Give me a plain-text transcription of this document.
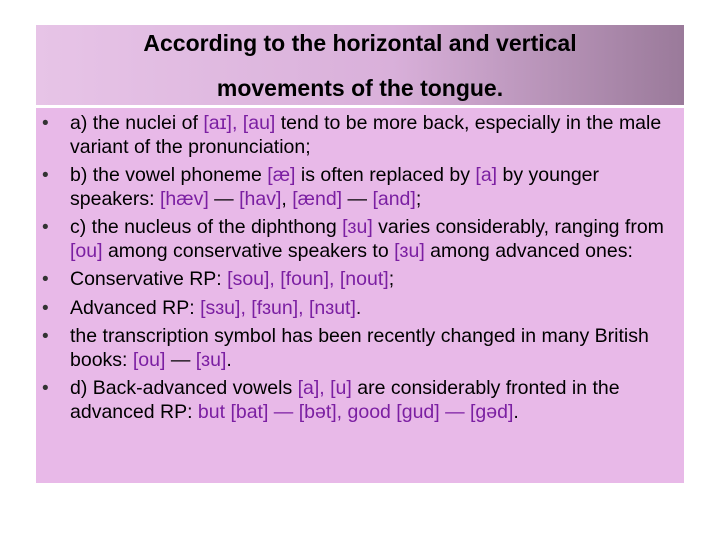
According to the horizontal and vertical
movements of the tongue.
• a) the nuclei of [aɪ], [au] tend to be more back, especially in the male variant of the pronunciation;
• b) the vowel phoneme [æ] is often replaced by [a] by younger speakers: [hæv] — [hav], [ænd] — [and];
• c) the nucleus of the diphthong [ɜu] varies considerably, ranging from [ou] among conservative speakers to [ɜu] among advanced ones:
• Conservative RP: [sou], [foun], [nout];
• Advanced RP: [sɜu], [fɜun], [nɜut].
• the transcription symbol has been recently changed in many British books: [ou] — [ɜu].
• d) Back-advanced vowels [a], [u] are considerably fronted in the advanced RP: but [bat] — [bət], good [gud] — [gəd].
